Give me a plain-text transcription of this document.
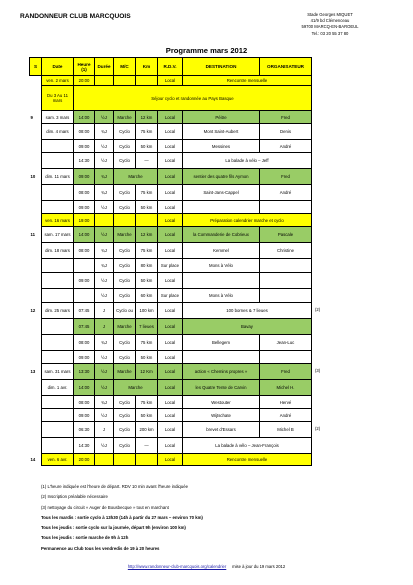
RANDONNEUR CLUB MARCQUOIS	Stade Georges MIQUET
41/9 bd Clémenceau
59700 MARCQ-EN-BAROEUL
Tel.: 03 20 55 37 80
Programme mars 2012
S	Date	Heure (1)	Durée	M/C	Km	R.D.V.	DESTINATION	ORGANISATEUR
	ven. 2 mars	20:00				Local	Rencontre mensuelle	
	Du 3 Au 11 mars	Séjour cyclo et randonnée au Pays Basque						
9	sam. 3 mars	14:00	½J	Marche	12 km	Local	Péitre	Fred
	dim. 4 mars	08:00	¾J	Cyclo	75 km	Local	Mont Saint-Aubert	Denis
		09:00	½J	Cyclo	50 km	Local	Messines	André
		14:30	½J	Cyclo	—	Local	La balade à vélo – Jeff	
10	dim. 11 mars	09:00	¾J	Marche		Local	sentier des quatre fils Aymon	Fred
		08:00	¾J	Cyclo	75 km	Local	Saint-Jans-Cappel	André
		09:00	½J	Cyclo	50 km	Local		
	ven. 16 mars	19:00				Local	Préparation calendrier marche et cyclo	
11	sam. 17 mars	14:00	½J	Marche	12 km	Local	la Commanderie de Cobrieux	Pascale
	dim. 18 mars	08:00	¾J	Cyclo	75 km	Local	Kemmel	Christine
			¾J	Cyclo	80 km	Sur place	Mons à Vélo	
		09:00	½J	Cyclo	50 km	Local		
			½J	Cyclo	60 km	Sur place	Mons à Vélo	
12	dim. 25 mars	07:45	J	Cyclo ou	100 km	Local	100 bornes & 7 lieues	
		07:45	J	Marche	7 lieues	Local	Bavay	
		08:00	¾J	Cyclo	75 km	Local	Bellegem	Jean-Luc
		09:00	½J	Cyclo	50 km	Local		
13	sam. 31 mars	13:30	½J	Marche	12 Km	Local	action « Chemins propres »	Fred
	dim. 1 avr.	14:00	½J	Marche		Local	les Quatre Tente de Carvin	Michel H.
		08:00	¾J	Cyclo	75 km	Local	Westouter	Hervé
		09:00	½J	Cyclo	50 km	Local	Wijtschate	André
		06:30	J	Cyclo	200 km	Local	brevet d'Essars	Michel B
		14:30	½J	Cyclo	—	Local	La balade à vélo – Jean-François	
14	ven. 6 avr.	20:00				Local	Rencontre mensuelle	
(2)
(3)
(2)
(1) L'heure indiquée est l'heure de départ. RDV 10 min avant l'heure indiquée
(2) Inscription préalable nécessaire
(3) nettoyage du circuit « Auger de Bousbecque » tout en marchant
Tous les mardis : sortie cyclo à 13h30 (14h à partir du 27 mars – environ 70 km)
Tous les jeudis : sortie cyclo sur la journée, départ 9h (environ 100 km)
Tous les jeudis : sortie marche de 9h à 12h
Permanence au Club tous les vendredis de 19 à 20 heures
http://www.randonneur-club-marcquois.org/calendrier mise à jour du 19 mars 2012
